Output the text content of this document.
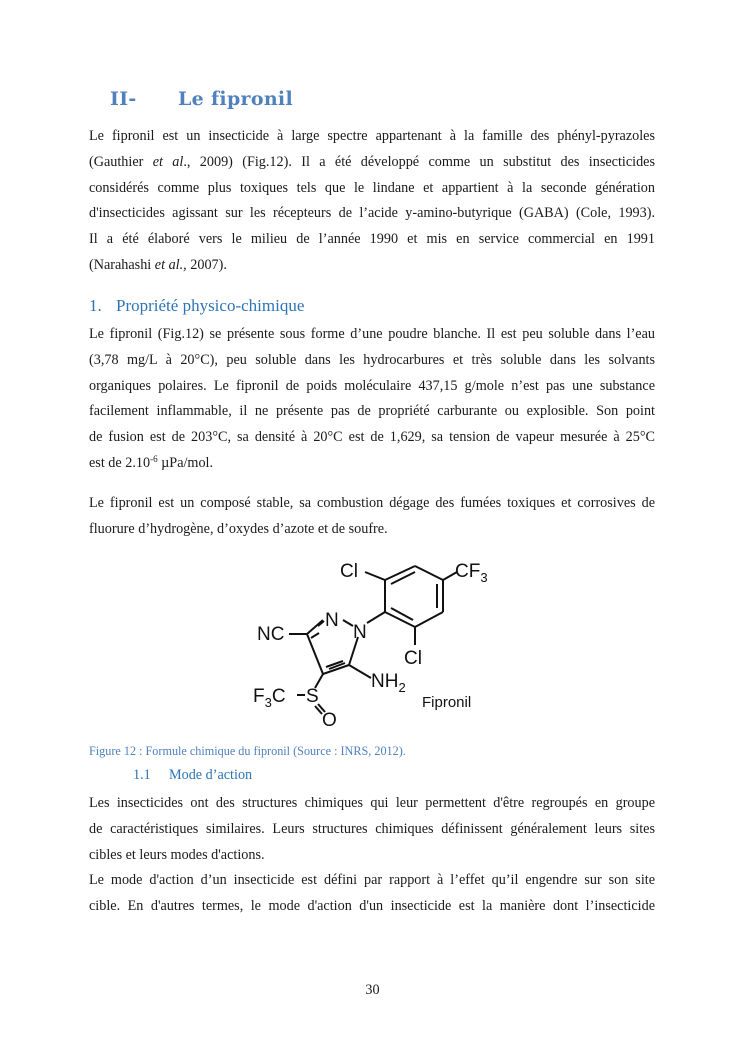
II- Le fipronil
Le fipronil est un insecticide à large spectre appartenant à la famille des phényl-pyrazoles
(Gauthier et al., 2009) (Fig.12). Il a été développé comme un substitut des insecticides
considérés comme plus toxiques tels que le lindane et appartient à la seconde génération
d'insecticides agissant sur les récepteurs de l’acide y-amino-butyrique (GABA) (Cole, 1993).
Il a été élaboré vers le milieu de l’année 1990 et mis en service commercial en 1991
(Narahashi et al., 2007).
1. Propriété physico-chimique
Le fipronil (Fig.12) se présente sous forme d’une poudre blanche. Il est peu soluble dans l’eau
(3,78 mg/L à 20°C), peu soluble dans les hydrocarbures et très soluble dans les solvants
organiques polaires. Le fipronil de poids moléculaire 437,15 g/mole n’est pas une substance
facilement inflammable, il ne présente pas de propriété carburante ou explosible. Son point
de fusion est de 203°C, sa densité à 20°C est de 1,629, sa tension de vapeur mesurée à 25°C
est de $2.10^{-6}$ µPa/mol.
Le fipronil est un composé stable, sa combustion dégage des fumées toxiques et corrosives de
fluorure d’hydrogène, d’oxydes d’azote et de soufre.
Cl	$CF_3$
N
N
NC
Cl
$NH_2$
$F_3C$ S
O
Fipronil
Figure 12 : Formule chimique du fipronil (Source : INRS, 2012).
1.1 Mode d’action
Les insecticides ont des structures chimiques qui leur permettent d'être regroupés en groupe
de caractéristiques similaires. Leurs structures chimiques définissent généralement leurs sites
cibles et leurs modes d'actions.
Le mode d'action d’un insecticide est défini par rapport à l’effet qu’il engendre sur son site
cible. En d'autres termes, le mode d'action d'un insecticide est la manière dont l’insecticide
30
